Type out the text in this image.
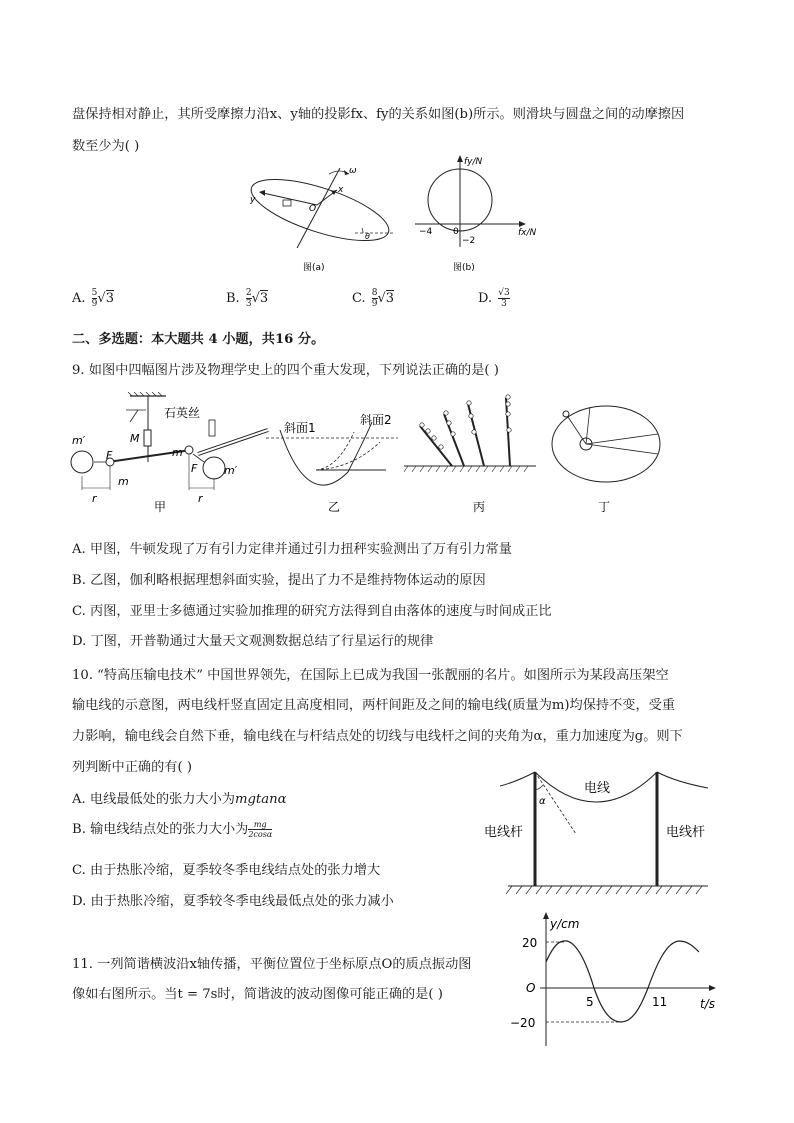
盘保持相对静止，其所受摩擦力沿x、y轴的投影fx、fy的关系如图(b)所示。则滑块与圆盘之间的动摩擦因
数至少为( )
ω
x
y
O
θ
图(a)
fy/N
fx/N
−4 0
−2
图(b)
A. $\frac{5}{9} √3$	B. $\frac{2}{3} √3$	C. $\frac{8}{9} √3$	D. $\frac{√3}{3}$
二、多选题：本大题共 4 小题，共16 分。
9. 如图中四幅图片涉及物理学史上的四个重大发现，下列说法正确的是( )
石英丝
M
m′
m′
m
m
F
F
r	r
甲
斜面1
斜面2
乙	丙	丁
A. 甲图，牛顿发现了万有引力定律并通过引力扭秤实验测出了万有引力常量
B. 乙图，伽利略根据理想斜面实验，提出了力不是维持物体运动的原因
C. 丙图，亚里士多德通过实验加推理的研究方法得到自由落体的速度与时间成正比
D. 丁图，开普勒通过大量天文观测数据总结了行星运行的规律
10. “特高压输电技术” 中国世界领先，在国际上已成为我国一张靓丽的名片。如图所示为某段高压架空
输电线的示意图，两电线杆竖直固定且高度相同，两杆间距及之间的输电线(质量为m)均保持不变，受重
力影响，输电线会自然下垂，输电线在与杆结点处的切线与电线杆之间的夹角为α，重力加速度为g。则下
列判断中正确的有( )
A. 电线最低处的张力大小为mgtanα
B. 输电线结点处的张力大小为 $\frac{mg}{2\cos\alpha}$
C. 由于热胀冷缩，夏季较冬季电线结点处的张力增大
D. 由于热胀冷缩，夏季较冬季电线最低点处的张力减小
α
电线
电线杆	电线杆
11. 一列简谐横波沿x轴传播，平衡位置位于坐标原点O的质点振动图
像如右图所示。当t = 7s时，简谐波的波动图像可能正确的是( )
y/cm
t/s
O
20
−20
5	11
